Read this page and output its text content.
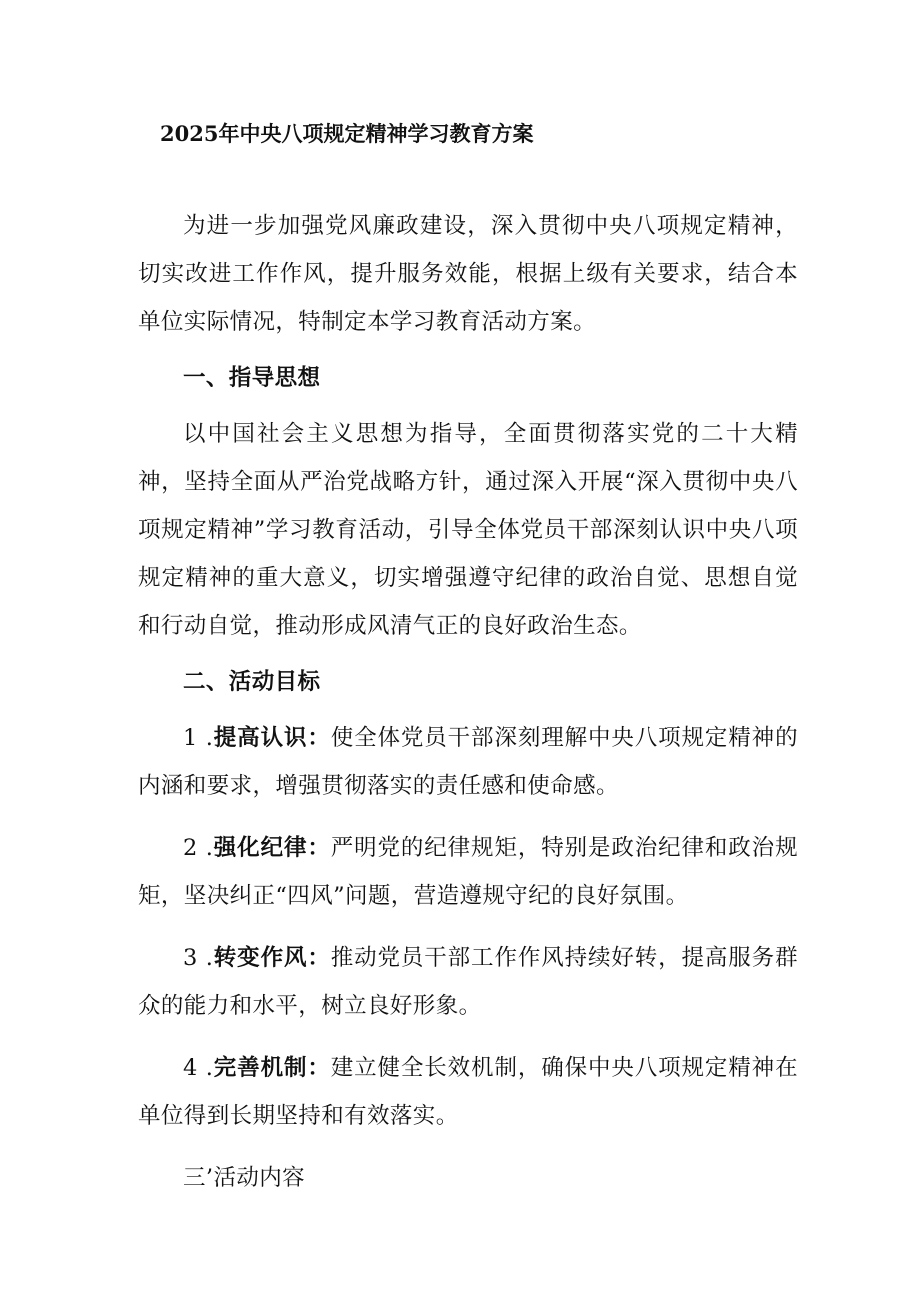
2025年中央八项规定精神学习教育方案

为进一步加强党风廉政建设，深入贯彻中央八项规定精神，切实改进工作作风，提升服务效能，根据上级有关要求，结合本单位实际情况，特制定本学习教育活动方案。

一、指导思想

以中国社会主义思想为指导，全面贯彻落实党的二十大精神，坚持全面从严治党战略方针，通过深入开展“深入贯彻中央八项规定精神”学习教育活动，引导全体党员干部深刻认识中央八项规定精神的重大意义，切实增强遵守纪律的政治自觉、思想自觉和行动自觉，推动形成风清气正的良好政治生态。

二、活动目标

1 .提高认识：使全体党员干部深刻理解中央八项规定精神的内涵和要求，增强贯彻落实的责任感和使命感。

2 .强化纪律：严明党的纪律规矩，特别是政治纪律和政治规矩，坚决纠正“四风”问题，营造遵规守纪的良好氛围。

3 .转变作风：推动党员干部工作作风持续好转，提高服务群众的能力和水平，树立良好形象。

4 .完善机制：建立健全长效机制，确保中央八项规定精神在单位得到长期坚持和有效落实。

三’活动内容
